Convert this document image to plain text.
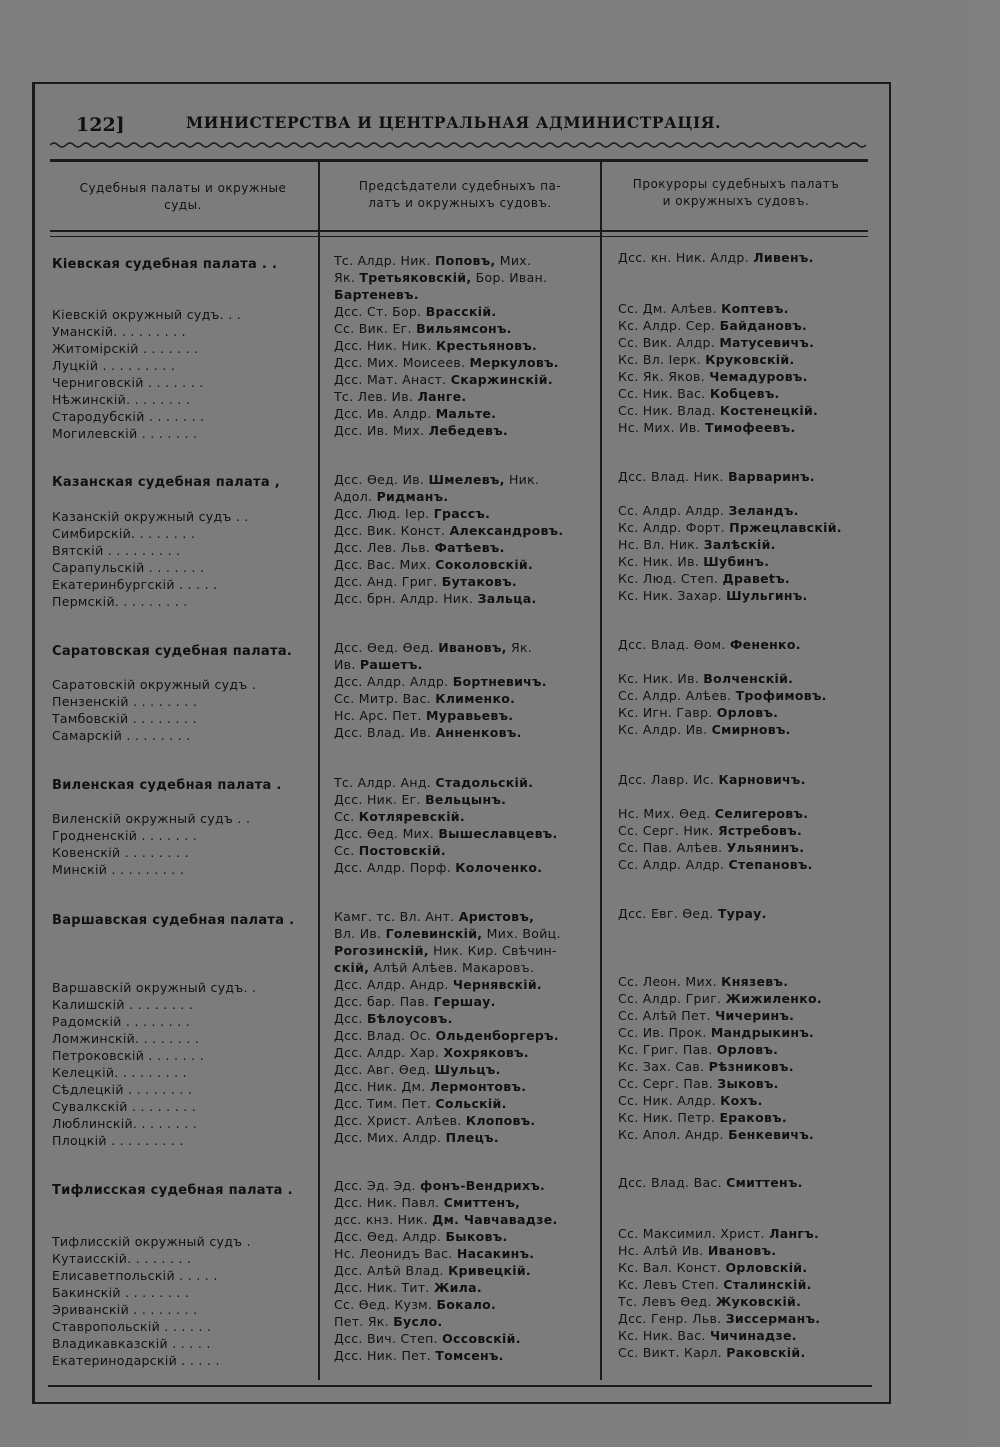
122]	МИНИСТЕРСТВА И ЦЕНТРАЛЬНАЯ АДМИНИСТРАЦІЯ.
Судебныя палаты и окружные
суды.
Предсѣдатели судебныхъ па-
латъ и окружныхъ судовъ.
Прокуроры судебныхъ палатъ
и окружныхъ судовъ.
Кіевская судебная палата . .
Кіевскій окружный судъ. . .
Уманскій. . . . . . . . .
Житомірскій . . . . . . .
Луцкій . . . . . . . . .
Черниговскій . . . . . . .
Нѣжинскій. . . . . . . .
Стародубскій . . . . . . .
Могилевскій . . . . . . .
Казанская судебная палата ,
Казанскій окружный судъ . .
Симбирскій. . . . . . . .
Вятскій . . . . . . . . .
Сарапульскій . . . . . . .
Екатеринбургскій . . . . .
Пермскій. . . . . . . . .
Саратовская судебная палата.
Саратовскій окружный судъ .
Пензенскій . . . . . . . .
Тамбовскій . . . . . . . .
Самарскій . . . . . . . .
Виленская судебная палата .
Виленскій окружный судъ . .
Гродненскій . . . . . . .
Ковенскій . . . . . . . .
Минскій . . . . . . . . .
Варшавская судебная палата .
Варшавскій окружный судъ. .
Калишскій . . . . . . . .
Радомскій . . . . . . . .
Ломжинскій. . . . . . . .
Петроковскій . . . . . . .
Келецкій. . . . . . . . .
Сѣдлецкій . . . . . . . .
Сувалкскій . . . . . . . .
Люблинскій. . . . . . . .
Плоцкій . . . . . . . . .
Тифлисская судебная палата .
Тифлисскій окружный судъ .
Кутаисскій. . . . . . . .
Елисаветпольскій . . . . .
Бакинскій . . . . . . . .
Эриванскій . . . . . . . .
Ставропольскій . . . . . .
Владикавказскій . . . . .
Екатеринодарскій . . . . .
Тс. Алдр. Ник. Поповъ, Мих.
Як. Третьяковскій, Бор. Иван.
Бартеневъ.
Дсс. Ст. Бор. Врасскій.
Сс. Вик. Ег. Вильямсонъ.
Дсс. Ник. Ник. Крестьяновъ.
Дсс. Мих. Моисеев. Меркуловъ.
Дсс. Мат. Анаст. Скаржинскій.
Тс. Лев. Ив. Ланге.
Дсс. Ив. Алдр. Мальте.
Дсс. Ив. Мих. Лебедевъ.
Дсс. Ѳед. Ив. Шмелевъ, Ник.
Адол. Ридманъ.
Дсс. Люд. Іер. Грассъ.
Дсс. Вик. Конст. Александровъ.
Дсс. Лев. Льв. Фатѣевъ.
Дсс. Вас. Мих. Соколовскій.
Дсс. Анд. Григ. Бутаковъ.
Дсс. брн. Алдр. Ник. Зальца.
Дсс. Ѳед. Ѳед. Ивановъ, Як.
Ив. Рашетъ.
Дсс. Алдр. Алдр. Бортневичъ.
Сс. Митр. Вас. Клименко.
Нс. Арс. Пет. Муравьевъ.
Дсс. Влад. Ив. Анненковъ.
Тс. Алдр. Анд. Стадольскій.
Дсс. Ник. Ег. Вельцынъ.
Сс. Котляревскій.
Дсс. Ѳед. Мих. Вышеславцевъ.
Сс. Постовскій.
Дсс. Алдр. Порф. Колоченко.
Камг. тс. Вл. Ант. Аристовъ,
Вл. Ив. Голевинскій, Мих. Войц.
Рогозинскій, Ник. Кир. Свѣчин-
скій, Алѣй Алѣев. Макаровъ.
Дсс. Алдр. Андр. Чернявскій.
Дсс. бар. Пав. Гершау.
Дсс. Бѣлоусовъ.
Дсс. Влад. Ос. Ольденборгеръ.
Дсс. Алдр. Хар. Хохряковъ.
Дсс. Авг. Ѳед. Шульцъ.
Дсс. Ник. Дм. Лермонтовъ.
Дсс. Тим. Пет. Сольскій.
Дсс. Христ. Алѣев. Клоповъ.
Дсс. Мих. Алдр. Плецъ.
Дсс. Эд. Эд. фонъ-Вендрихъ.
Дсс. Ник. Павл. Смиттенъ,
дсс. кнз. Ник. Дм. Чавчавадзе.
Дсс. Ѳед. Алдр. Быковъ.
Нс. Леонидъ Вас. Насакинъ.
Дсс. Алѣй Влад. Кривецкій.
Дсс. Ник. Тит. Жила.
Сс. Ѳед. Кузм. Бокало.
Пет. Як. Бусло.
Дсс. Вич. Степ. Оссовскій.
Дсс. Ник. Пет. Томсенъ.
Дсс. кн. Ник. Алдр. Ливенъ.
Сс. Дм. Алѣев. Коптевъ.
Кс. Алдр. Сер. Байдановъ.
Сс. Вик. Алдр. Матусевичъ.
Кс. Вл. Іерк. Круковскій.
Кс. Як. Яков. Чемадуровъ.
Сс. Ник. Вас. Кобцевъ.
Сс. Ник. Влад. Костенецкій.
Нс. Мих. Ив. Тимофеевъ.
Дсс. Влад. Ник. Варваринъ.
Сс. Алдр. Алдр. Зеландъ.
Кс. Алдр. Форт. Пржецлавскій.
Нс. Вл. Ник. Залѣскій.
Кс. Ник. Ив. Шубинъ.
Кс. Люд. Степ. Дравеtъ.
Кс. Ник. Захар. Шульгинъ.
Дсс. Влад. Ѳом. Фененко.
Кс. Ник. Ив. Волченскій.
Сс. Алдр. Алѣев. Трофимовъ.
Кс. Игн. Гавр. Орловъ.
Кс. Алдр. Ив. Смирновъ.
Дсс. Лавр. Ис. Карновичъ.
Нс. Мих. Ѳед. Селигеровъ.
Сс. Серг. Ник. Ястребовъ.
Сс. Пав. Алѣев. Ульянинъ.
Сс. Алдр. Алдр. Степановъ.
Дсс. Евг. Ѳед. Турау.
Сс. Леон. Мих. Князевъ.
Сс. Алдр. Григ. Жижиленко.
Сс. Алѣй Пет. Чичеринъ.
Сс. Ив. Прок. Мандрыкинъ.
Кс. Григ. Пав. Орловъ.
Кс. Зах. Сав. Рѣзниковъ.
Сс. Серг. Пав. Зыковъ.
Сс. Ник. Алдр. Кохъ.
Кс. Ник. Петр. Ераковъ.
Кс. Апол. Андр. Бенкевичъ.
Дсс. Влад. Вас. Смиттенъ.
Сс. Максимил. Христ. Лангъ.
Нс. Алѣй Ив. Ивановъ.
Кс. Вал. Конст. Орловскій.
Кс. Левъ Степ. Сталинскій.
Тс. Левъ Ѳед. Жуковскій.
Дсс. Генр. Льв. Зиссерманъ.
Кс. Ник. Вас. Чичинадзе.
Сс. Викт. Карл. Раковскій.
